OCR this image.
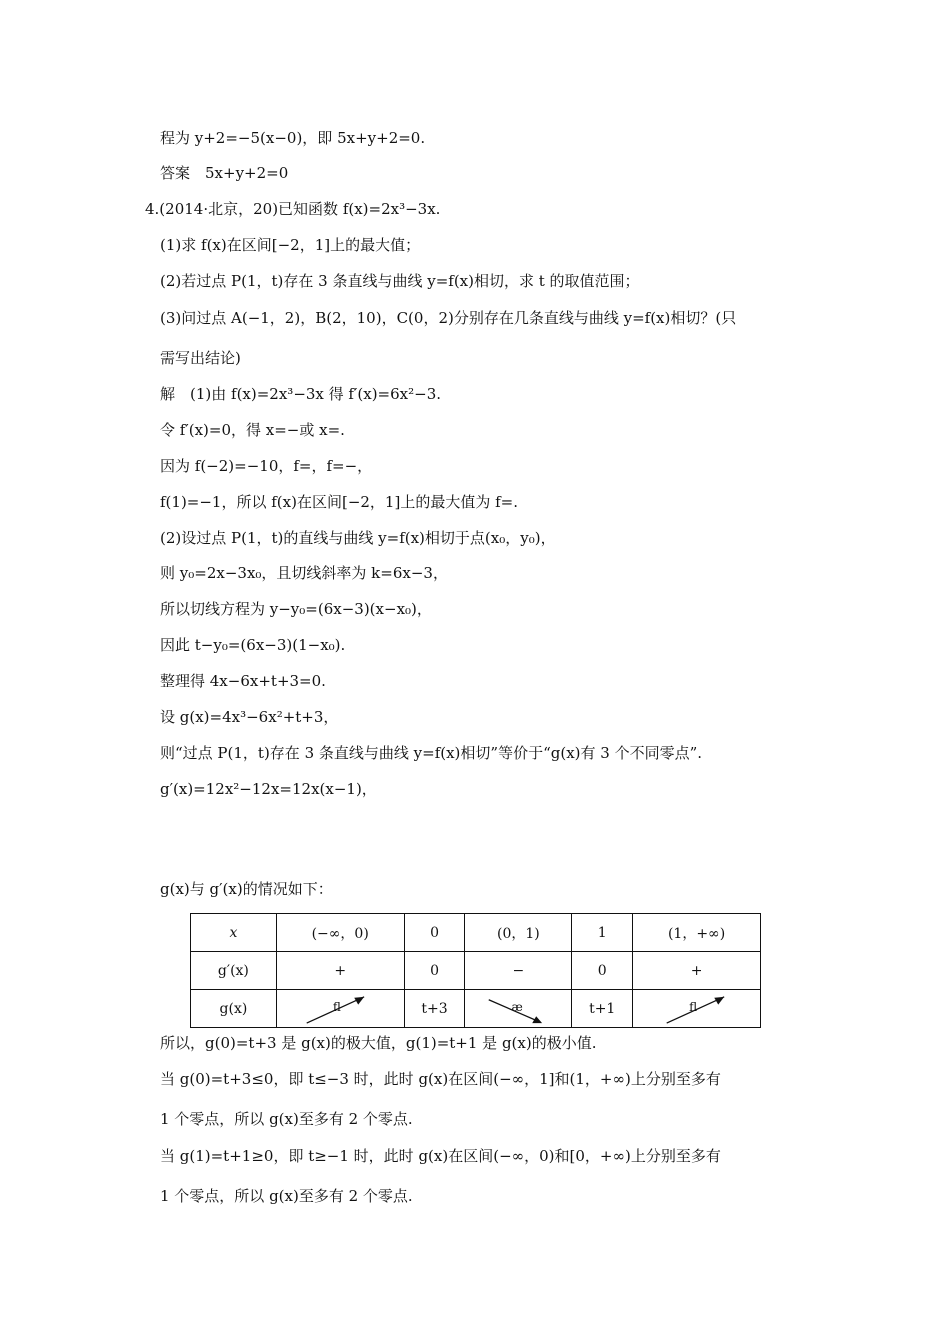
程为 y+2=−5(x−0)，即 5x+y+2=0.
答案　5x+y+2=0
4.(2014·北京，20)已知函数 f(x)=2x³−3x.
(1)求 f(x)在区间[−2，1]上的最大值；
(2)若过点 P(1，t)存在 3 条直线与曲线 y=f(x)相切，求 t 的取值范围；
(3)问过点 A(−1，2)，B(2，10)，C(0，2)分别存在几条直线与曲线 y=f(x)相切？(只
需写出结论)
解　(1)由 f(x)=2x³−3x 得 f′(x)=6x²−3.
令 f′(x)=0，得 x=−或 x=.
因为 f(−2)=−10，f=，f=−，
f(1)=−1，所以 f(x)在区间[−2，1]上的最大值为 f=.
(2)设过点 P(1，t)的直线与曲线 y=f(x)相切于点(x₀，y₀)，
则 y₀=2x−3x₀，且切线斜率为 k=6x−3，
所以切线方程为 y−y₀=(6x−3)(x−x₀)，
因此 t−y₀=(6x−3)(1−x₀).
整理得 4x−6x+t+3=0.
设 g(x)=4x³−6x²+t+3，
则“过点 P(1，t)存在 3 条直线与曲线 y=f(x)相切”等价于“g(x)有 3 个不同零点”.
g′(x)=12x²−12x=12x(x−1)，
g(x)与 g′(x)的情况如下：
x	(−∞，0)	0	(0，1)	1	(1，+∞)
g′(x)	+	0	−	0	+
g(x)	fl	t+3	æ	t+1	fl
所以，g(0)=t+3 是 g(x)的极大值，g(1)=t+1 是 g(x)的极小值.
当 g(0)=t+3≤0，即 t≤−3 时，此时 g(x)在区间(−∞，1]和(1，+∞)上分别至多有
1 个零点，所以 g(x)至多有 2 个零点.
当 g(1)=t+1≥0，即 t≥−1 时，此时 g(x)在区间(−∞，0)和[0，+∞)上分别至多有
1 个零点，所以 g(x)至多有 2 个零点.
